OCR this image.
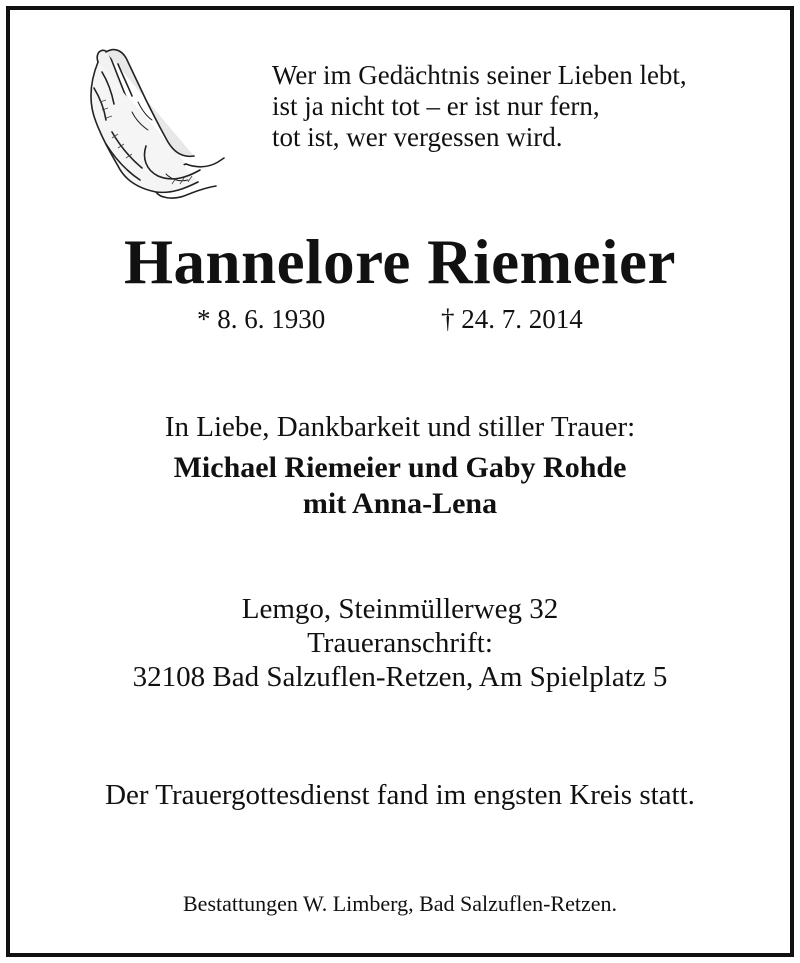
Wer im Gedächtnis seiner Lieben lebt,
ist ja nicht tot – er ist nur fern,
tot ist, wer vergessen wird.
Hannelore Riemeier
* 8. 6. 1930	† 24. 7. 2014
In Liebe, Dankbarkeit und stiller Trauer:
Michael Riemeier und Gaby Rohde
mit Anna-Lena
Lemgo, Steinmüllerweg 32
Traueranschrift:
32108 Bad Salzuflen-Retzen, Am Spielplatz 5
Der Trauergottesdienst fand im engsten Kreis statt.
Bestattungen W. Limberg, Bad Salzuflen-Retzen.
